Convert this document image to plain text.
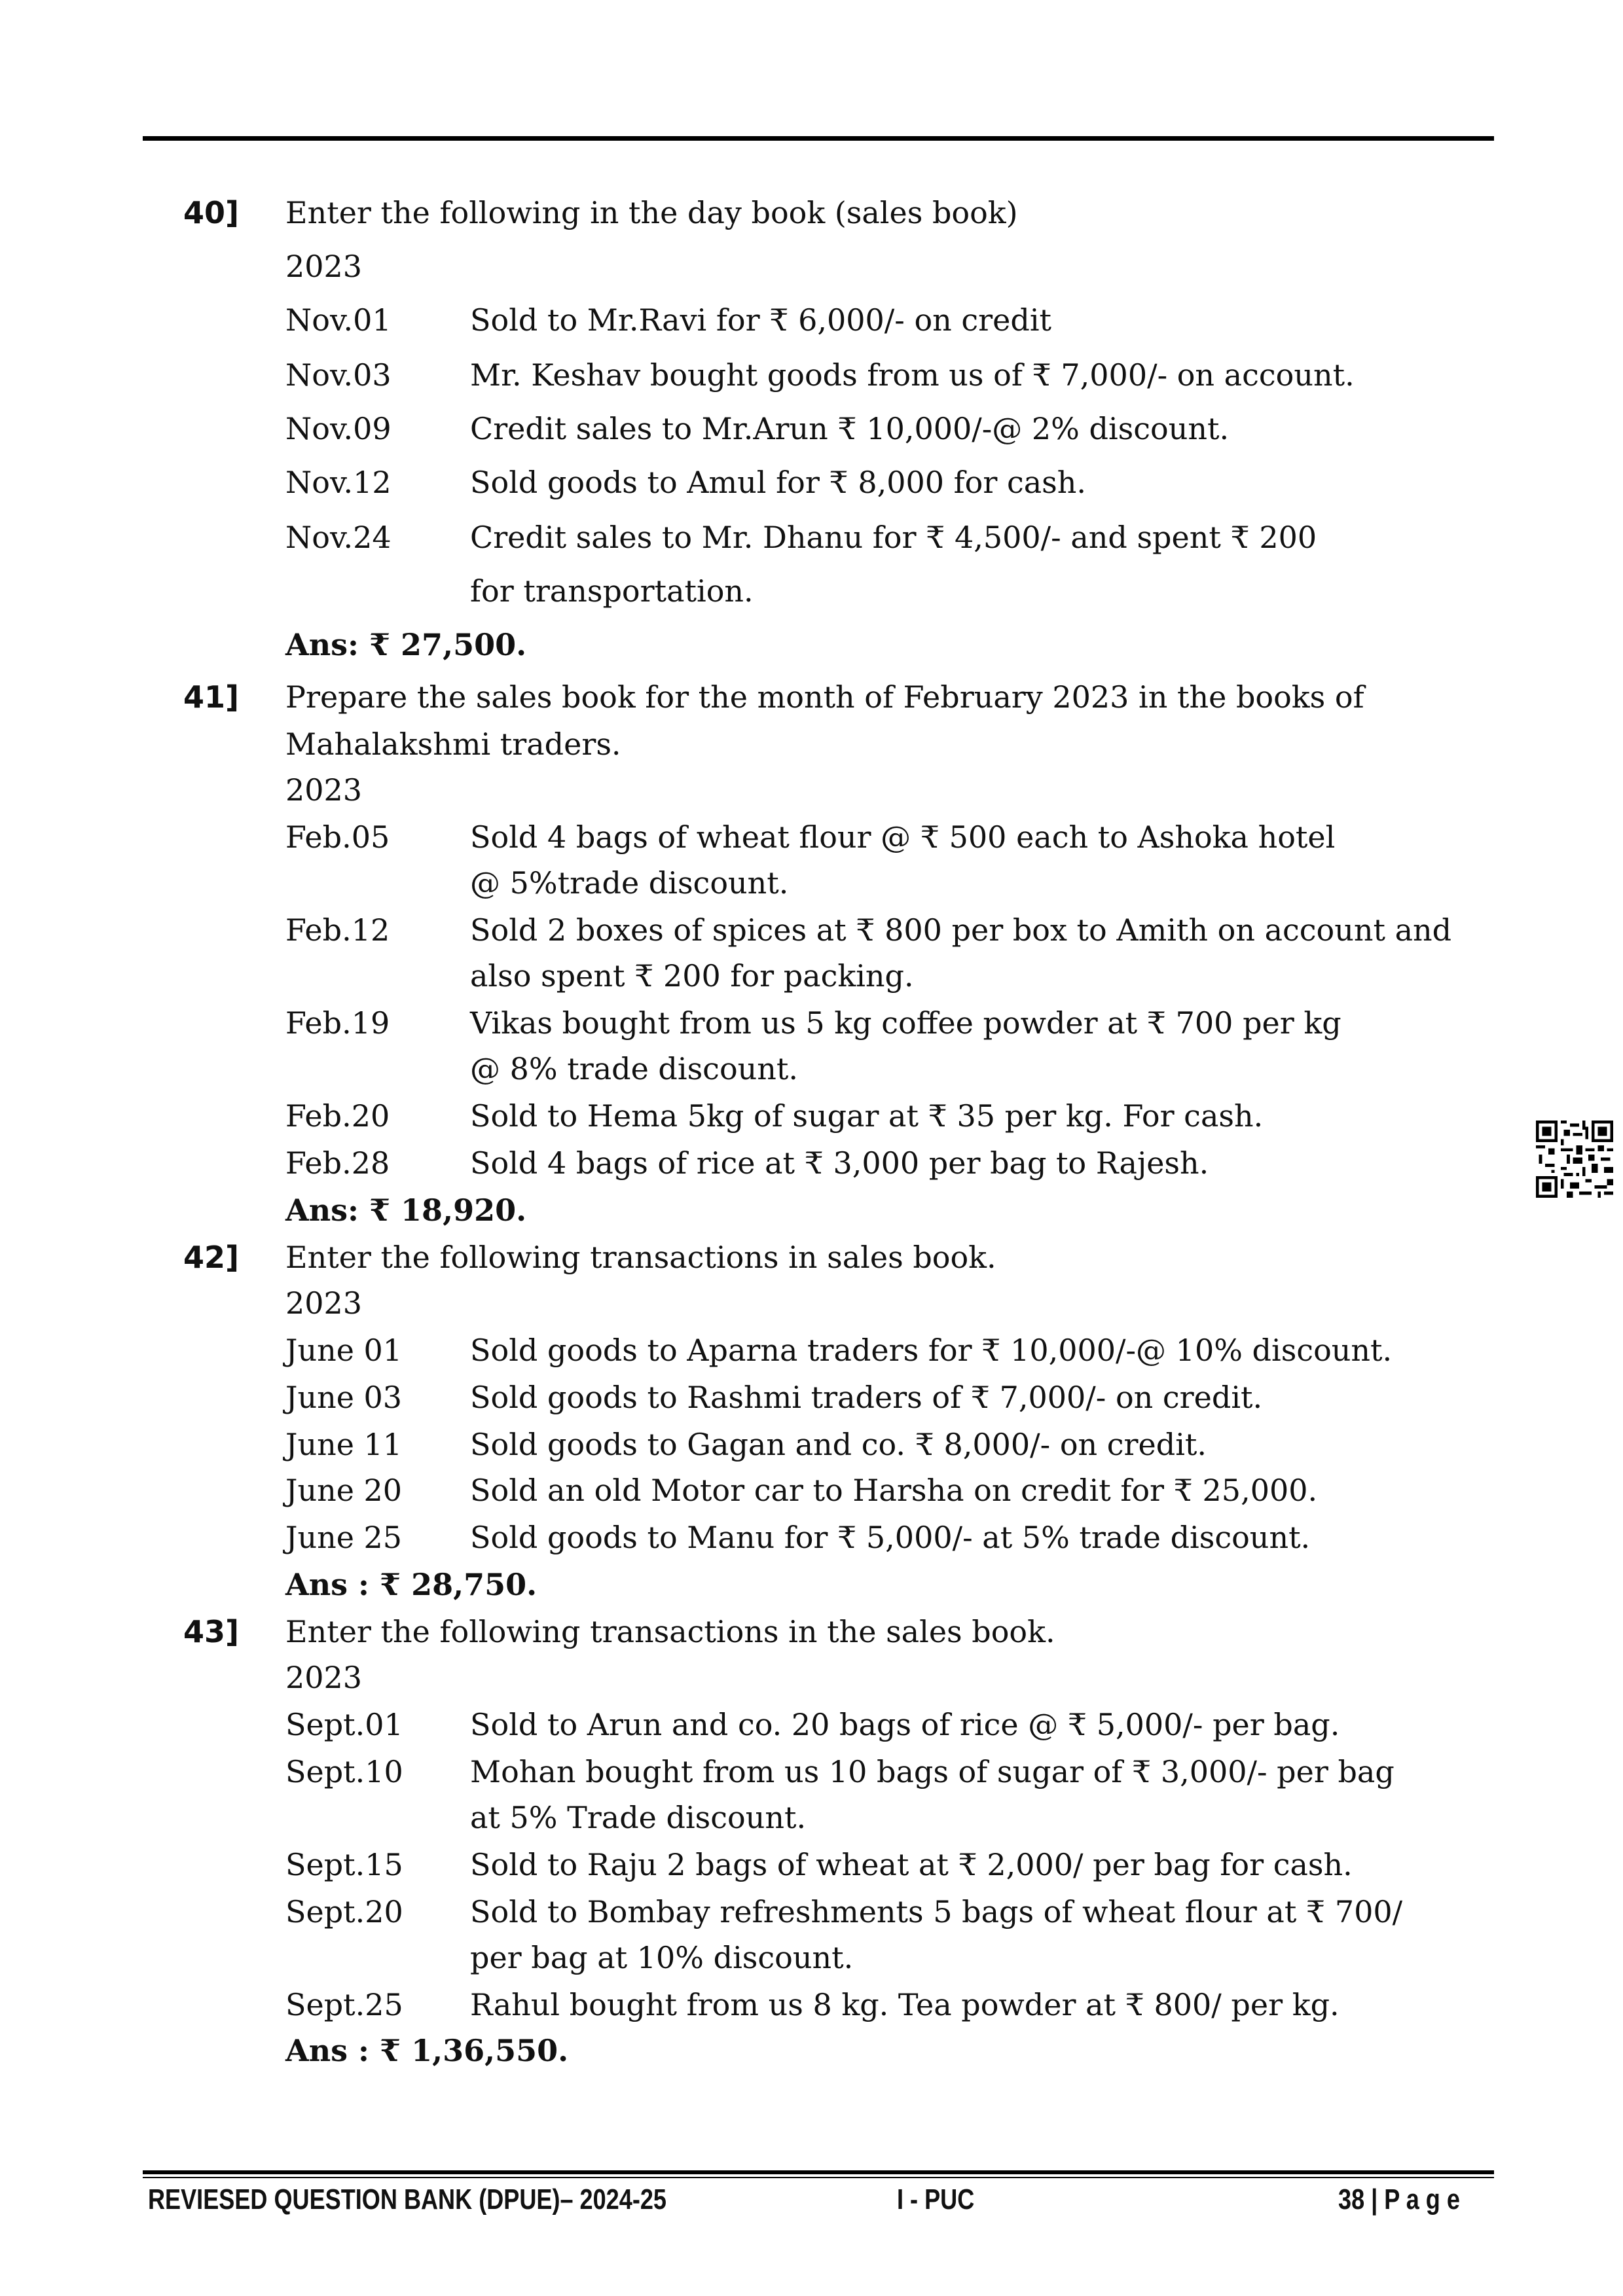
40] Enter the following in the day book (sales book)
2023
Nov.01	Sold to Mr.Ravi for ₹ 6,000/- on credit
Nov.03	Mr. Keshav bought goods from us of ₹ 7,000/- on account.
Nov.09	Credit sales to Mr.Arun ₹ 10,000/-@ 2% discount.
Nov.12	Sold goods to Amul for ₹ 8,000 for cash.
Nov.24	Credit sales to Mr. Dhanu for ₹ 4,500/- and spent ₹ 200
for transportation.
Ans: ₹ 27,500.
41] Prepare the sales book for the month of February 2023 in the books of
Mahalakshmi traders.
2023
Feb.05	Sold 4 bags of wheat flour @ ₹ 500 each to Ashoka hotel
@ 5%trade discount.
Feb.12	Sold 2 boxes of spices at ₹ 800 per box to Amith on account and
also spent ₹ 200 for packing.
Feb.19	Vikas bought from us 5 kg coffee powder at ₹ 700 per kg
@ 8% trade discount.
Feb.20	Sold to Hema 5kg of sugar at ₹ 35 per kg. For cash.
Feb.28	Sold 4 bags of rice at ₹ 3,000 per bag to Rajesh.
Ans: ₹ 18,920.
42] Enter the following transactions in sales book.
2023
June 01 Sold goods to Aparna traders for ₹ 10,000/-@ 10% discount.
June 03 Sold goods to Rashmi traders of ₹ 7,000/- on credit.
June 11 Sold goods to Gagan and co. ₹ 8,000/- on credit.
June 20 Sold an old Motor car to Harsha on credit for ₹ 25,000.
June 25 Sold goods to Manu for ₹ 5,000/- at 5% trade discount.
Ans : ₹ 28,750.
43] Enter the following transactions in the sales book.
2023
Sept.01 Sold to Arun and co. 20 bags of rice @ ₹ 5,000/- per bag.
Sept.10 Mohan bought from us 10 bags of sugar of ₹ 3,000/- per bag
at 5% Trade discount.
Sept.15 Sold to Raju 2 bags of wheat at ₹ 2,000/ per bag for cash.
Sept.20 Sold to Bombay refreshments 5 bags of wheat flour at ₹ 700/
per bag at 10% discount.
Sept.25 Rahul bought from us 8 kg. Tea powder at ₹ 800/ per kg.
Ans : ₹ 1,36,550.
REVIESED QUESTION BANK (DPUE)– 2024-25	I - PUC	38 | P a g e
